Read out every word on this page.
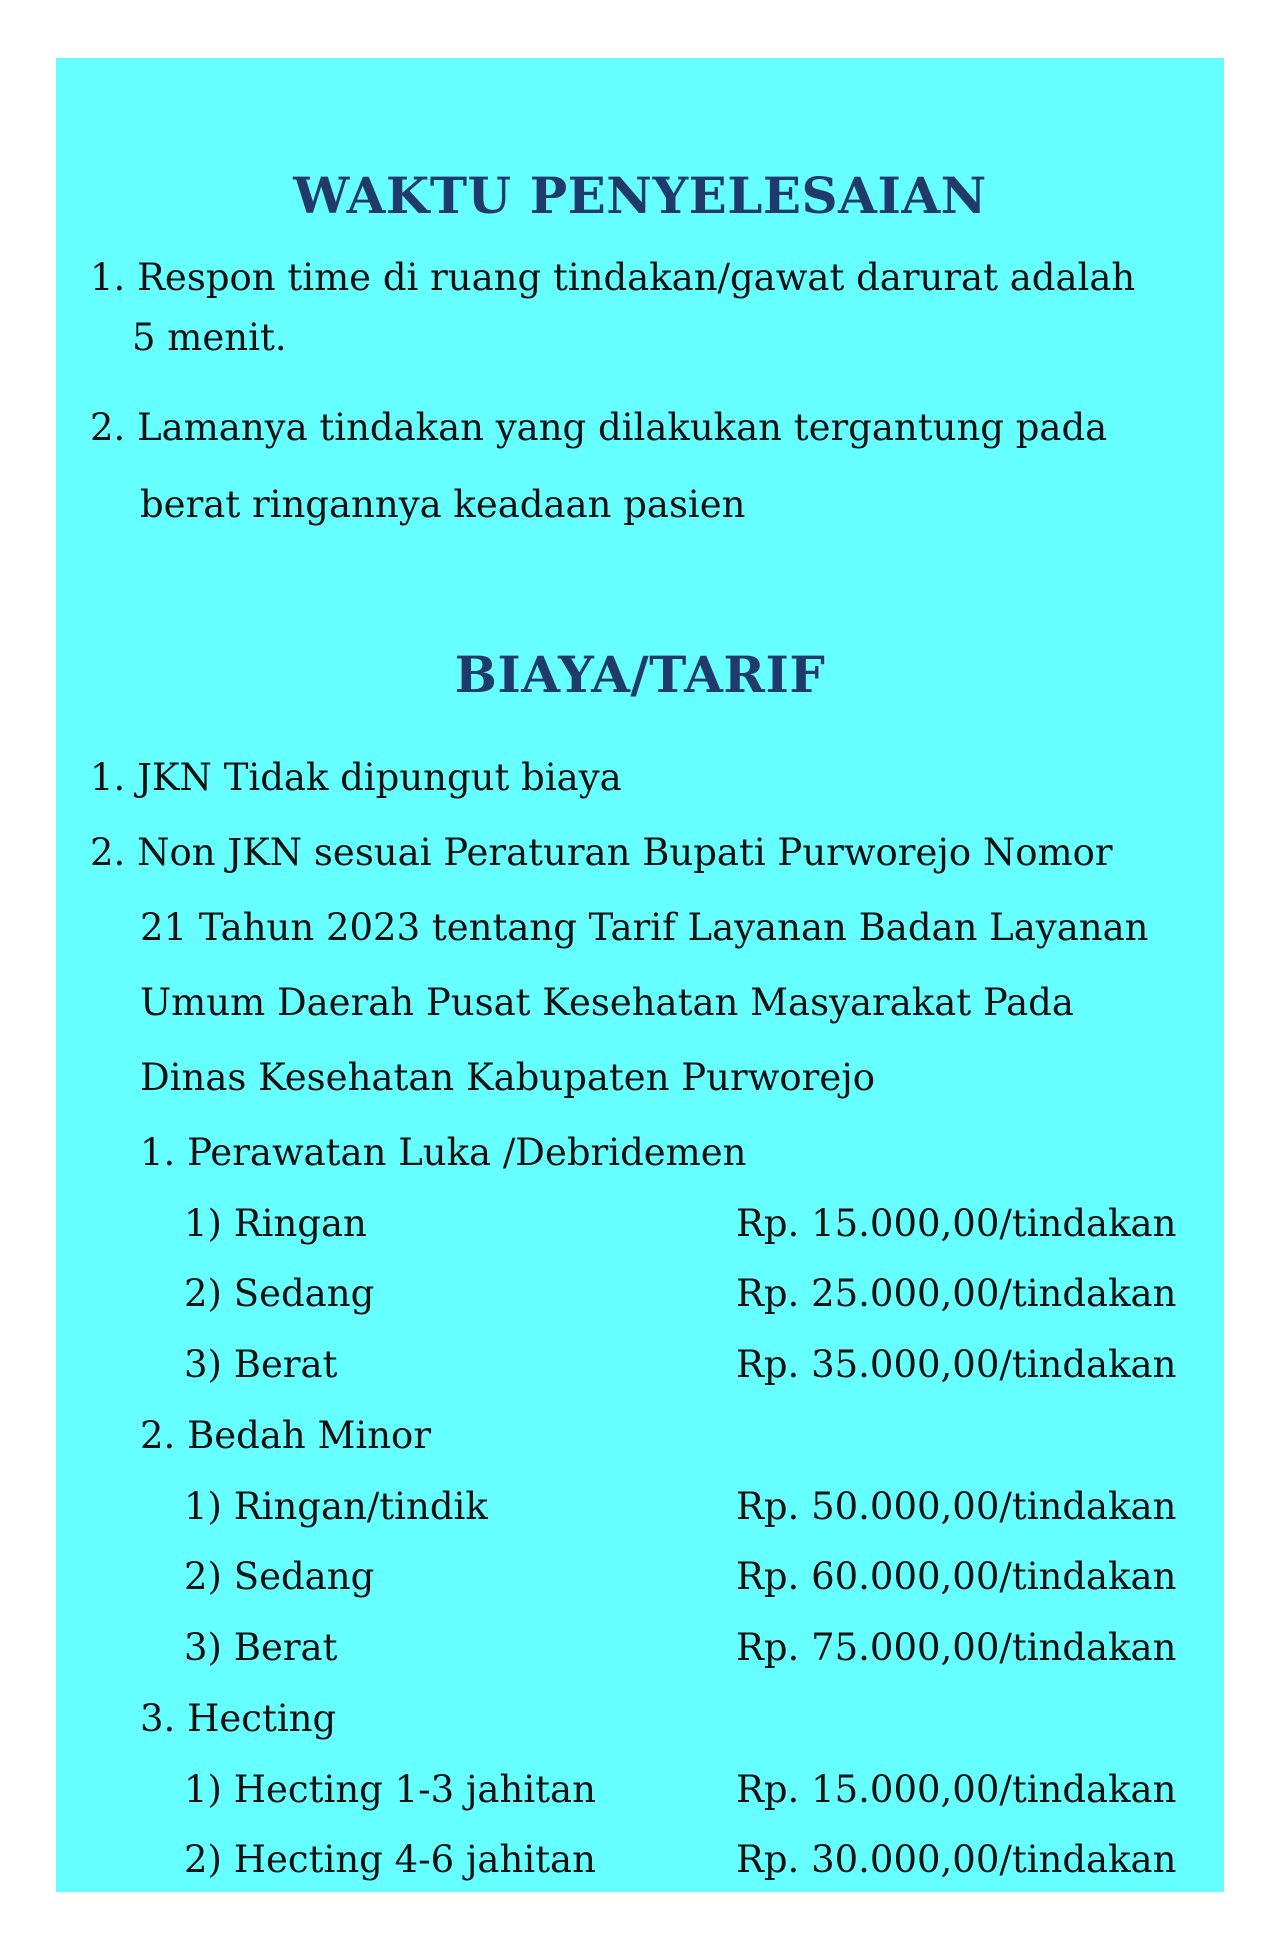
WAKTU PENYELESAIAN
1. Respon time di ruang tindakan/gawat darurat adalah
5 menit.
2. Lamanya tindakan yang dilakukan tergantung pada
berat ringannya keadaan pasien
BIAYA/TARIF
1. JKN Tidak dipungut biaya
2. Non JKN sesuai Peraturan Bupati Purworejo Nomor
21 Tahun 2023 tentang Tarif Layanan Badan Layanan
Umum Daerah Pusat Kesehatan Masyarakat Pada
Dinas Kesehatan Kabupaten Purworejo
1. Perawatan Luka /Debridemen
1) Ringan	Rp. 15.000,00/tindakan
2) Sedang	Rp. 25.000,00/tindakan
3) Berat	Rp. 35.000,00/tindakan
2. Bedah Minor
1) Ringan/tindik	Rp. 50.000,00/tindakan
2) Sedang	Rp. 60.000,00/tindakan
3) Berat	Rp. 75.000,00/tindakan
3. Hecting
1) Hecting 1-3 jahitan	Rp. 15.000,00/tindakan
2) Hecting 4-6 jahitan	Rp. 30.000,00/tindakan
